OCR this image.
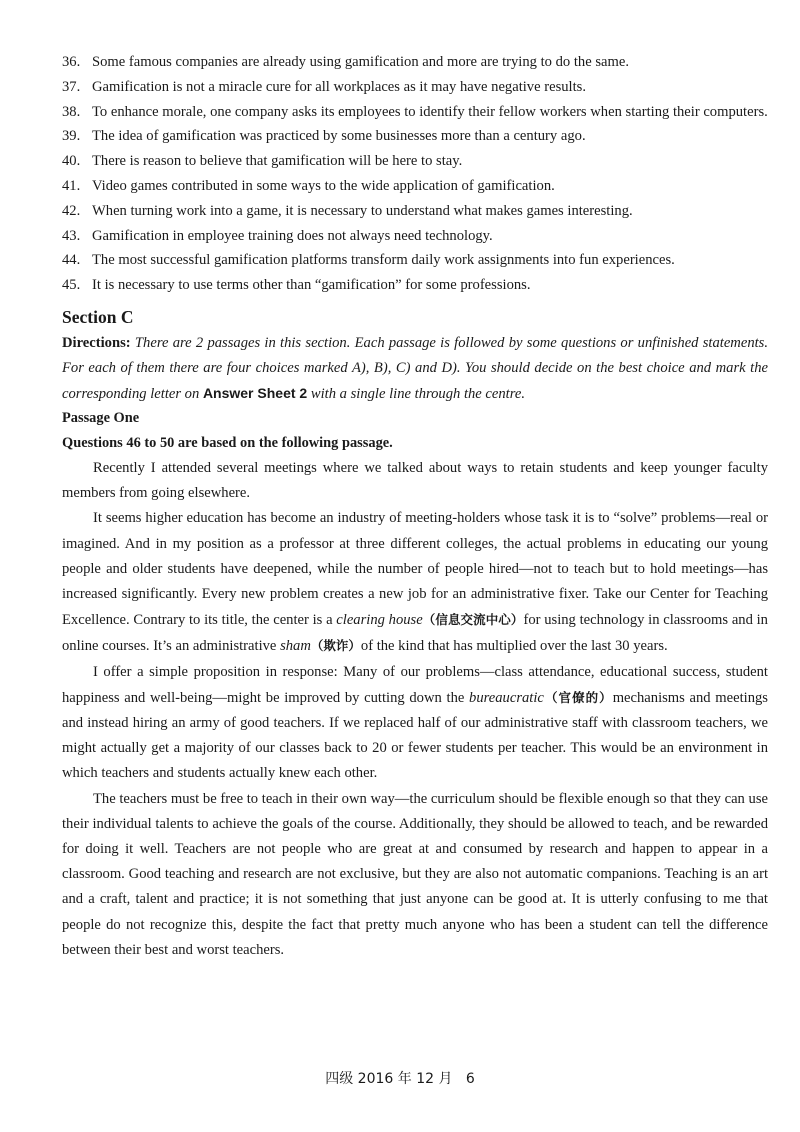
36. Some famous companies are already using gamification and more are trying to do the same.
37. Gamification is not a miracle cure for all workplaces as it may have negative results.
38. To enhance morale, one company asks its employees to identify their fellow workers when starting their computers.
39. The idea of gamification was practiced by some businesses more than a century ago.
40. There is reason to believe that gamification will be here to stay.
41. Video games contributed in some ways to the wide application of gamification.
42. When turning work into a game, it is necessary to understand what makes games interesting.
43. Gamification in employee training does not always need technology.
44. The most successful gamification platforms transform daily work assignments into fun experiences.
45. It is necessary to use terms other than “gamification” for some professions.
Section C
Directions: There are 2 passages in this section. Each passage is followed by some questions or unfinished statements. For each of them there are four choices marked A), B), C) and D). You should decide on the best choice and mark the corresponding letter on Answer Sheet 2 with a single line through the centre.
Passage One
Questions 46 to 50 are based on the following passage.

Recently I attended several meetings where we talked about ways to retain students and keep younger faculty members from going elsewhere.

It seems higher education has become an industry of meeting-holders whose task it is to “solve” problems—real or imagined. And in my position as a professor at three different colleges, the actual problems in educating our young people and older students have deepened, while the number of people hired—not to teach but to hold meetings—has increased significantly. Every new problem creates a new job for an administrative fixer. Take our Center for Teaching Excellence. Contrary to its title, the center is a clearing house（信息交流中心）for using technology in classrooms and in online courses. It’s an administrative sham（欺诈）of the kind that has multiplied over the last 30 years.

I offer a simple proposition in response: Many of our problems—class attendance, educational success, student happiness and well-being—might be improved by cutting down the bureaucratic（官僚的）mechanisms and meetings and instead hiring an army of good teachers. If we replaced half of our administrative staff with classroom teachers, we might actually get a majority of our classes back to 20 or fewer students per teacher. This would be an environment in which teachers and students actually knew each other.

The teachers must be free to teach in their own way—the curriculum should be flexible enough so that they can use their individual talents to achieve the goals of the course. Additionally, they should be allowed to teach, and be rewarded for doing it well. Teachers are not people who are great at and consumed by research and happen to appear in a classroom. Good teaching and research are not exclusive, but they are also not automatic companions. Teaching is an art and a craft, talent and practice; it is not something that just anyone can be good at. It is utterly confusing to me that people do not recognize this, despite the fact that pretty much anyone who has been a student can tell the difference between their best and worst teachers.

四级 2016 年 12 月 6
